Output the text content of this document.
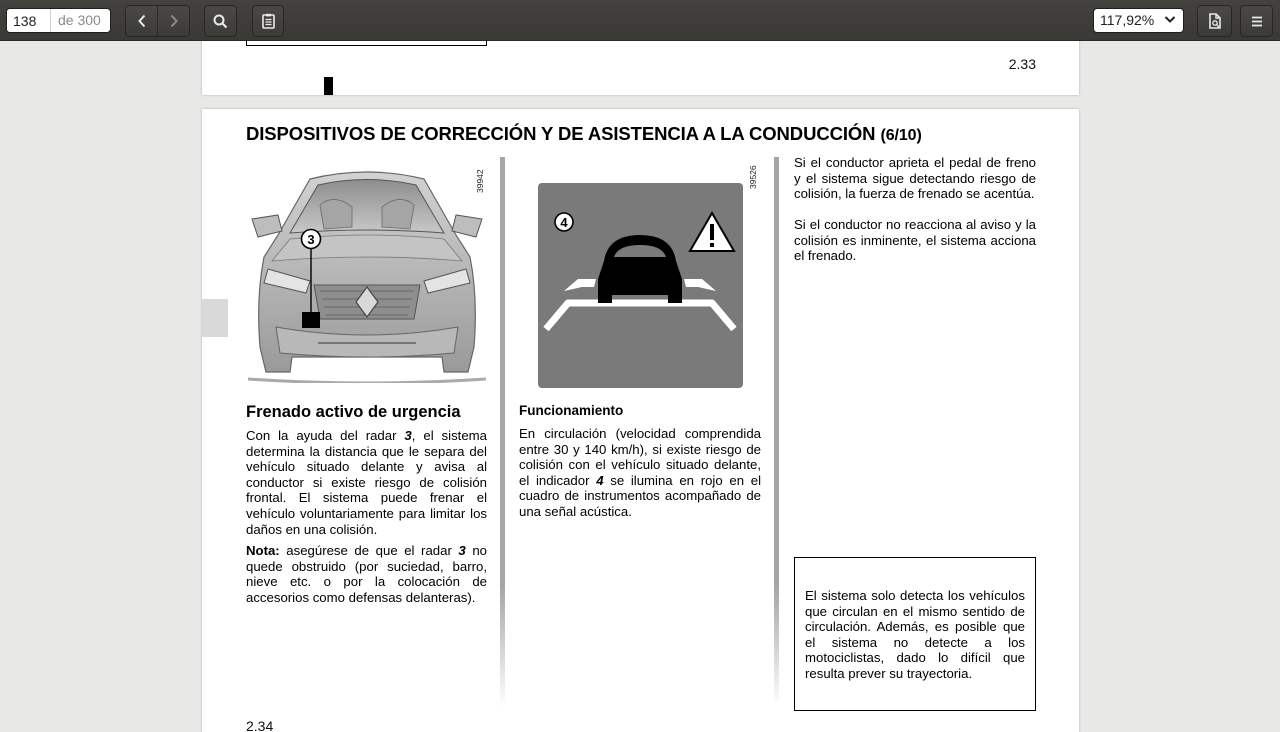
138
de 300	117,92%
2.33
DISPOSITIVOS DE CORRECCIÓN Y DE ASISTENCIA A LA CONDUCCIÓN (6/10)
3
39942
4
39526
Frenado activo de urgencia

Con la ayuda del radar 3, el sistema determina la distancia que le separa del vehículo situado delante y avisa al conductor si existe riesgo de colisión frontal. El sistema puede frenar el vehículo voluntariamente para limitar los daños en una colisión.

Nota: asegúrese de que el radar 3 no quede obstruido (por suciedad, barro, nieve etc. o por la colocación de accesorios como defensas delanteras).

Funcionamiento

En circulación (velocidad comprendida entre 30 y 140 km/h), si existe riesgo de colisión con el vehículo situado delante, el indicador 4 se ilumina en rojo en el cuadro de instrumentos acompañado de una señal acústica.

Si el conductor aprieta el pedal de freno y el sistema sigue detectando riesgo de colisión, la fuerza de frenado se acentúa.

Si el conductor no reacciona al aviso y la colisión es inminente, el sistema acciona el frenado.

El sistema solo detecta los vehículos que circulan en el mismo sentido de circulación. Además, es posible que el sistema no detecte a los motociclistas, dado lo difícil que resulta prever su trayectoria.

2.34
